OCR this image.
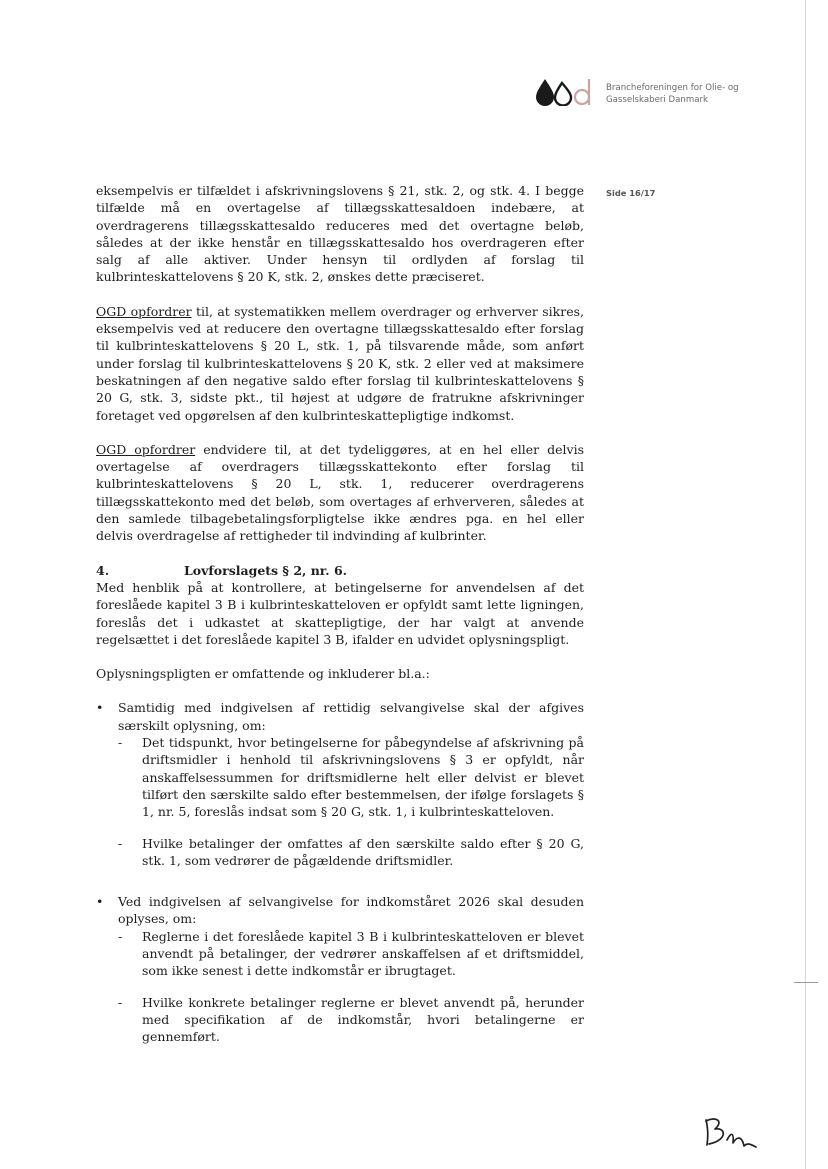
Brancheforeningen for Olie- og
Gasselskaberi Danmark
Side 16/17

eksempelvis er tilfældet i afskrivningslovens § 21, stk. 2, og stk. 4. I begge tilfælde må en overtagelse af tillægsskattesaldoen indebære, at overdragerens tillægsskattesaldo reduceres med det overtagne beløb, således at der ikke henstår en tillægsskattesaldo hos overdrageren efter salg af alle aktiver. Under hensyn til ordlyden af forslag til kulbrinteskattelovens § 20 K, stk. 2, ønskes dette præciseret.

OGD opfordrer til, at systematikken mellem overdrager og erhverver sikres, eksempelvis ved at reducere den overtagne tillægsskattesaldo efter forslag til kulbrinteskattelovens § 20 L, stk. 1, på tilsvarende måde, som anført under forslag til kulbrinteskattelovens § 20 K, stk. 2 eller ved at maksimere beskatningen af den negative saldo efter forslag til kulbrinteskattelovens § 20 G, stk. 3, sidste pkt., til højest at udgøre de fratrukne afskrivninger foretaget ved opgørelsen af den kulbrinteskattepligtige indkomst.

OGD opfordrer endvidere til, at det tydeliggøres, at en hel eller delvis overtagelse af overdragers tillægsskattekonto efter forslag til kulbrinteskattelovens § 20 L, stk. 1, reducerer overdragerens tillægsskattekonto med det beløb, som overtages af erhververen, således at den samlede tilbagebetalingsforpligtelse ikke ændres pga. en hel eller delvis overdragelse af rettigheder til indvinding af kulbrinter.

4.	Lovforslagets § 2, nr. 6.

Med henblik på at kontrollere, at betingelserne for anvendelsen af det foreslåede kapitel 3 B i kulbrinteskatteloven er opfyldt samt lette ligningen, foreslås det i udkastet at skattepligtige, der har valgt at anvende regelsættet i det foreslåede kapitel 3 B, ifalder en udvidet oplysningspligt.

Oplysningspligten er omfattende og inkluderer bl.a.:

• Samtidig med indgivelsen af rettidig selvangivelse skal der afgives særskilt oplysning, om:
- Det tidspunkt, hvor betingelserne for påbegyndelse af afskrivning på driftsmidler i henhold til afskrivningslovens § 3 er opfyldt, når anskaffelsessummen for driftsmidlerne helt eller delvist er blevet tilført den særskilte saldo efter bestemmelsen, der ifølge forslagets § 1, nr. 5, foreslås indsat som § 20 G, stk. 1, i kulbrinteskatteloven.
- Hvilke betalinger der omfattes af den særskilte saldo efter § 20 G, stk. 1, som vedrører de pågældende driftsmidler.
• Ved indgivelsen af selvangivelse for indkomståret 2026 skal desuden oplyses, om:
- Reglerne i det foreslåede kapitel 3 B i kulbrinteskatteloven er blevet anvendt på betalinger, der vedrører anskaffelsen af et driftsmiddel, som ikke senest i dette indkomstår er ibrugtaget.
- Hvilke konkrete betalinger reglerne er blevet anvendt på, herunder med specifikation af de indkomstår, hvori betalingerne er gennemført.
